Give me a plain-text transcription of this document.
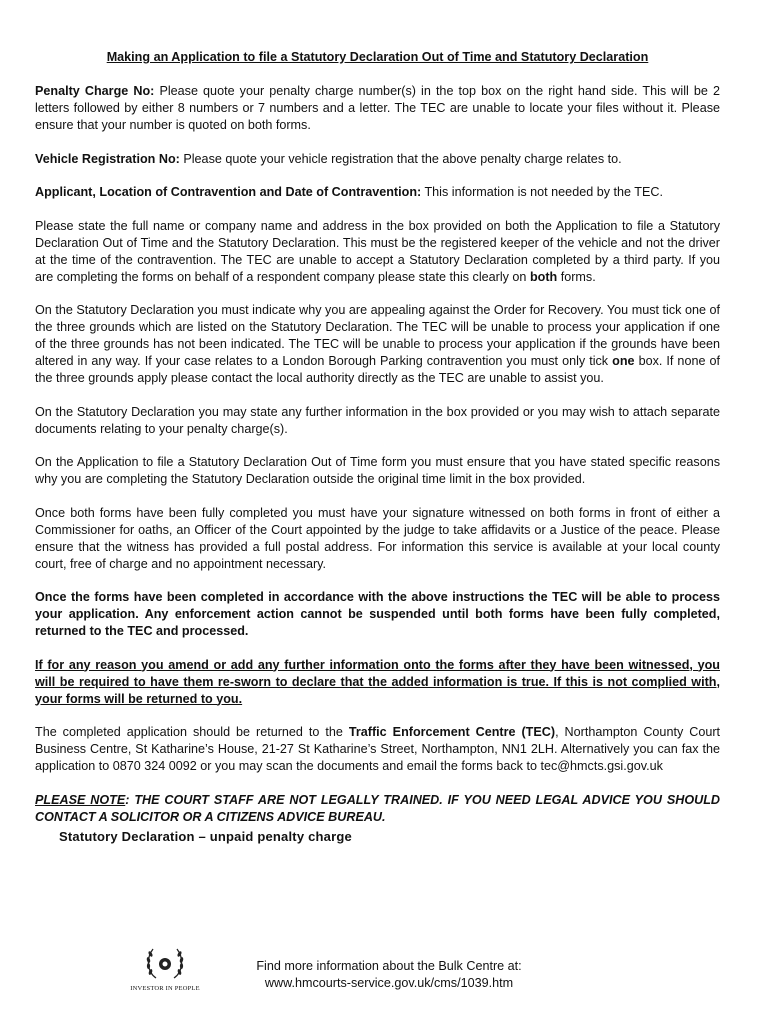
Making an Application to file a Statutory Declaration Out of Time and Statutory Declaration

Penalty Charge No: Please quote your penalty charge number(s) in the top box on the right hand side. This will be 2 letters followed by either 8 numbers or 7 numbers and a letter. The TEC are unable to locate your files without it. Please ensure that your number is quoted on both forms.

Vehicle Registration No: Please quote your vehicle registration that the above penalty charge relates to.

Applicant, Location of Contravention and Date of Contravention: This information is not needed by the TEC.

Please state the full name or company name and address in the box provided on both the Application to file a Statutory Declaration Out of Time and the Statutory Declaration. This must be the registered keeper of the vehicle and not the driver at the time of the contravention. The TEC are unable to accept a Statutory Declaration completed by a third party. If you are completing the forms on behalf of a respondent company please state this clearly on both forms.

On the Statutory Declaration you must indicate why you are appealing against the Order for Recovery. You must tick one of the three grounds which are listed on the Statutory Declaration. The TEC will be unable to process your application if one of the three grounds has not been indicated. The TEC will be unable to process your application if the grounds have been altered in any way. If your case relates to a London Borough Parking contravention you must only tick one box. If none of the three grounds apply please contact the local authority directly as the TEC are unable to assist you.

On the Statutory Declaration you may state any further information in the box provided or you may wish to attach separate documents relating to your penalty charge(s).

On the Application to file a Statutory Declaration Out of Time form you must ensure that you have stated specific reasons why you are completing the Statutory Declaration outside the original time limit in the box provided.

Once both forms have been fully completed you must have your signature witnessed on both forms in front of either a Commissioner for oaths, an Officer of the Court appointed by the judge to take affidavits or a Justice of the peace. Please ensure that the witness has provided a full postal address. For information this service is available at your local county court, free of charge and no appointment necessary.

Once the forms have been completed in accordance with the above instructions the TEC will be able to process your application. Any enforcement action cannot be suspended until both forms have been fully completed, returned to the TEC and processed.

If for any reason you amend or add any further information onto the forms after they have been witnessed, you will be required to have them re-sworn to declare that the added information is true. If this is not complied with, your forms will be returned to you.

The completed application should be returned to the Traffic Enforcement Centre (TEC), Northampton County Court Business Centre, St Katharine’s House, 21-27 St Katharine’s Street, Northampton, NN1 2LH. Alternatively you can fax the application to 0870 324 0092 or you may scan the documents and email the forms back to tec@hmcts.gsi.gov.uk

PLEASE NOTE: THE COURT STAFF ARE NOT LEGALLY TRAINED. IF YOU NEED LEGAL ADVICE YOU SHOULD CONTACT A SOLICITOR OR A CITIZENS ADVICE BUREAU.

Statutory Declaration – unpaid penalty charge
INVESTOR IN PEOPLE
Find more information about the Bulk Centre at:
www.hmcourts-service.gov.uk/cms/1039.htm
